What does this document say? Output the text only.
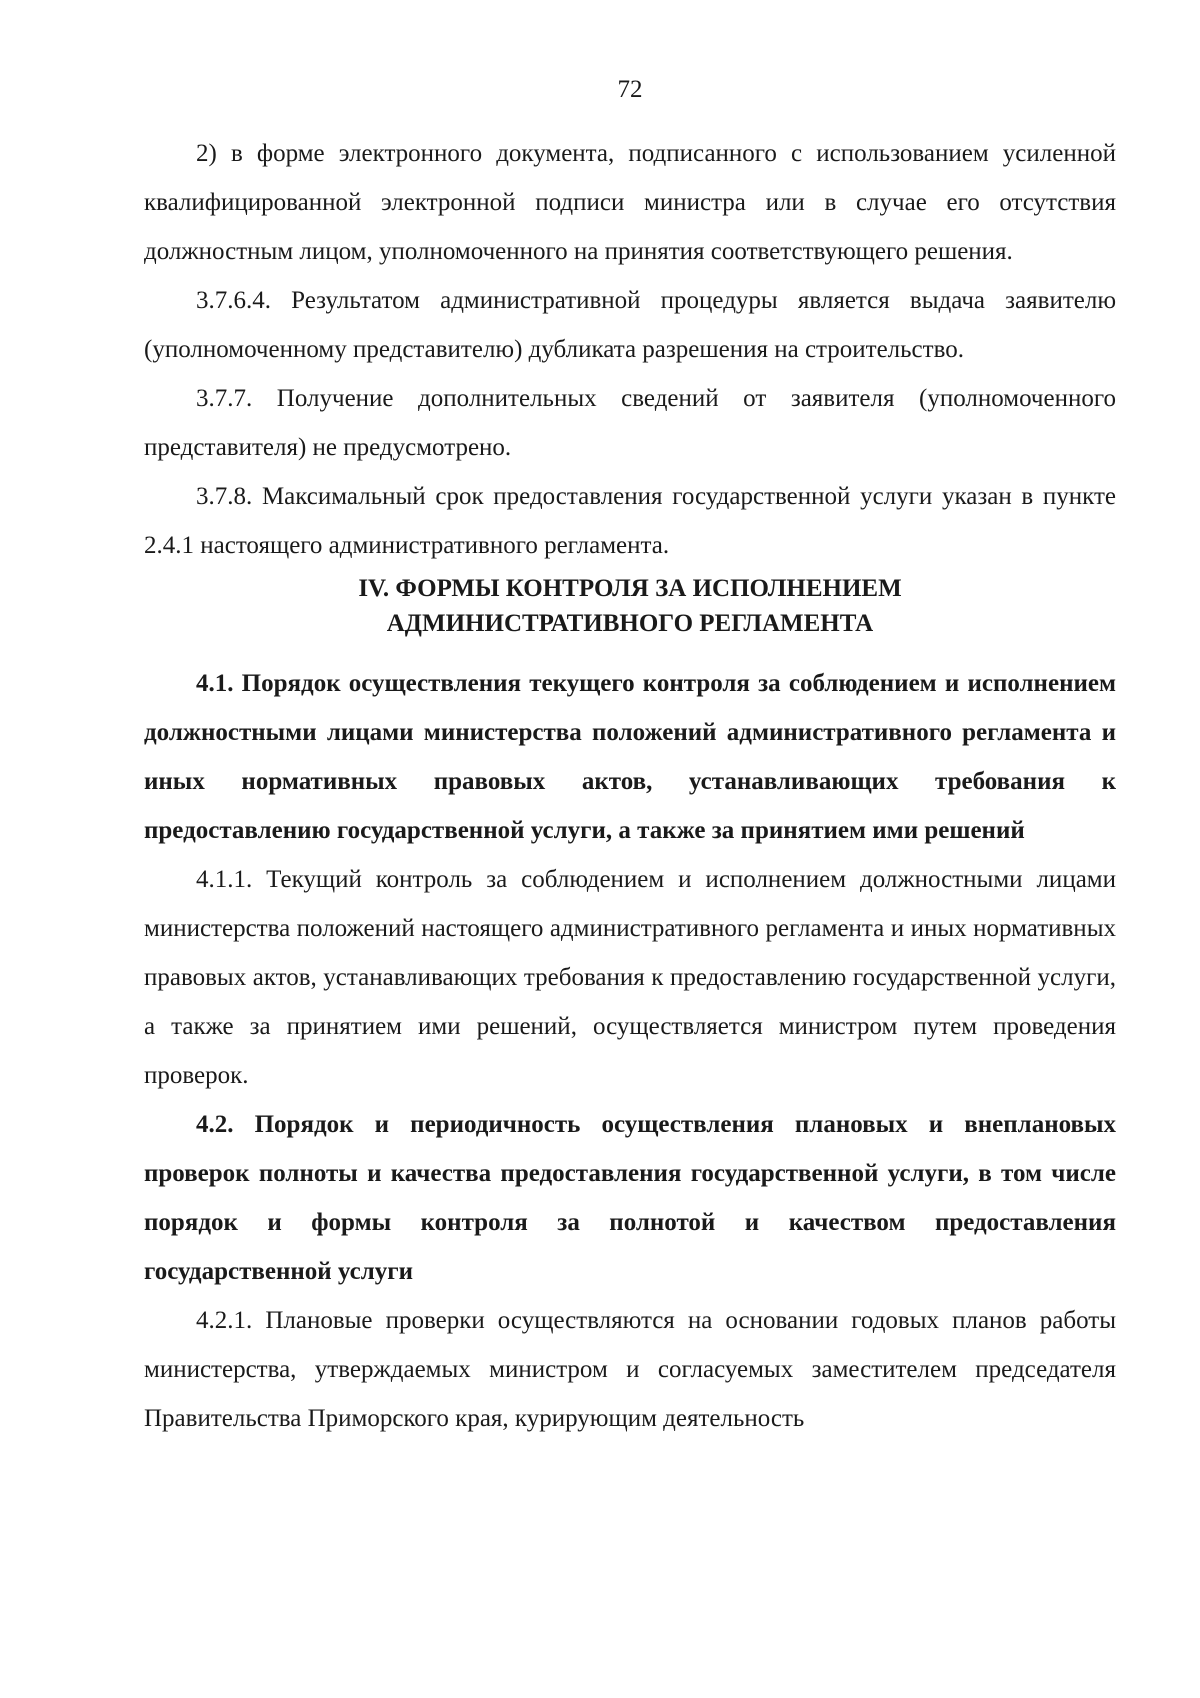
72

2) в форме электронного документа, подписанного с использованием усиленной квалифицированной электронной подписи министра или в случае его отсутствия должностным лицом, уполномоченного на принятия соответствующего решения.

3.7.6.4. Результатом административной процедуры является выдача заявителю (уполномоченному представителю) дубликата разрешения на строительство.

3.7.7. Получение дополнительных сведений от заявителя (уполномоченного представителя) не предусмотрено.

3.7.8. Максимальный срок предоставления государственной услуги указан в пункте 2.4.1 настоящего административного регламента.

IV. ФОРМЫ КОНТРОЛЯ ЗА ИСПОЛНЕНИЕМ
АДМИНИСТРАТИВНОГО РЕГЛАМЕНТА

4.1. Порядок осуществления текущего контроля за соблюдением и исполнением должностными лицами министерства положений административного регламента и иных нормативных правовых актов, устанавливающих требования к предоставлению государственной услуги, а также за принятием ими решений

4.1.1. Текущий контроль за соблюдением и исполнением должностными лицами министерства положений настоящего административного регламента и иных нормативных правовых актов, устанавливающих требования к предоставлению государственной услуги, а также за принятием ими решений, осуществляется министром путем проведения проверок.

4.2. Порядок и периодичность осуществления плановых и внеплановых проверок полноты и качества предоставления государственной услуги, в том числе порядок и формы контроля за полнотой и качеством предоставления государственной услуги

4.2.1. Плановые проверки осуществляются на основании годовых планов работы министерства, утверждаемых министром и согласуемых заместителем председателя Правительства Приморского края, курирующим деятельность
